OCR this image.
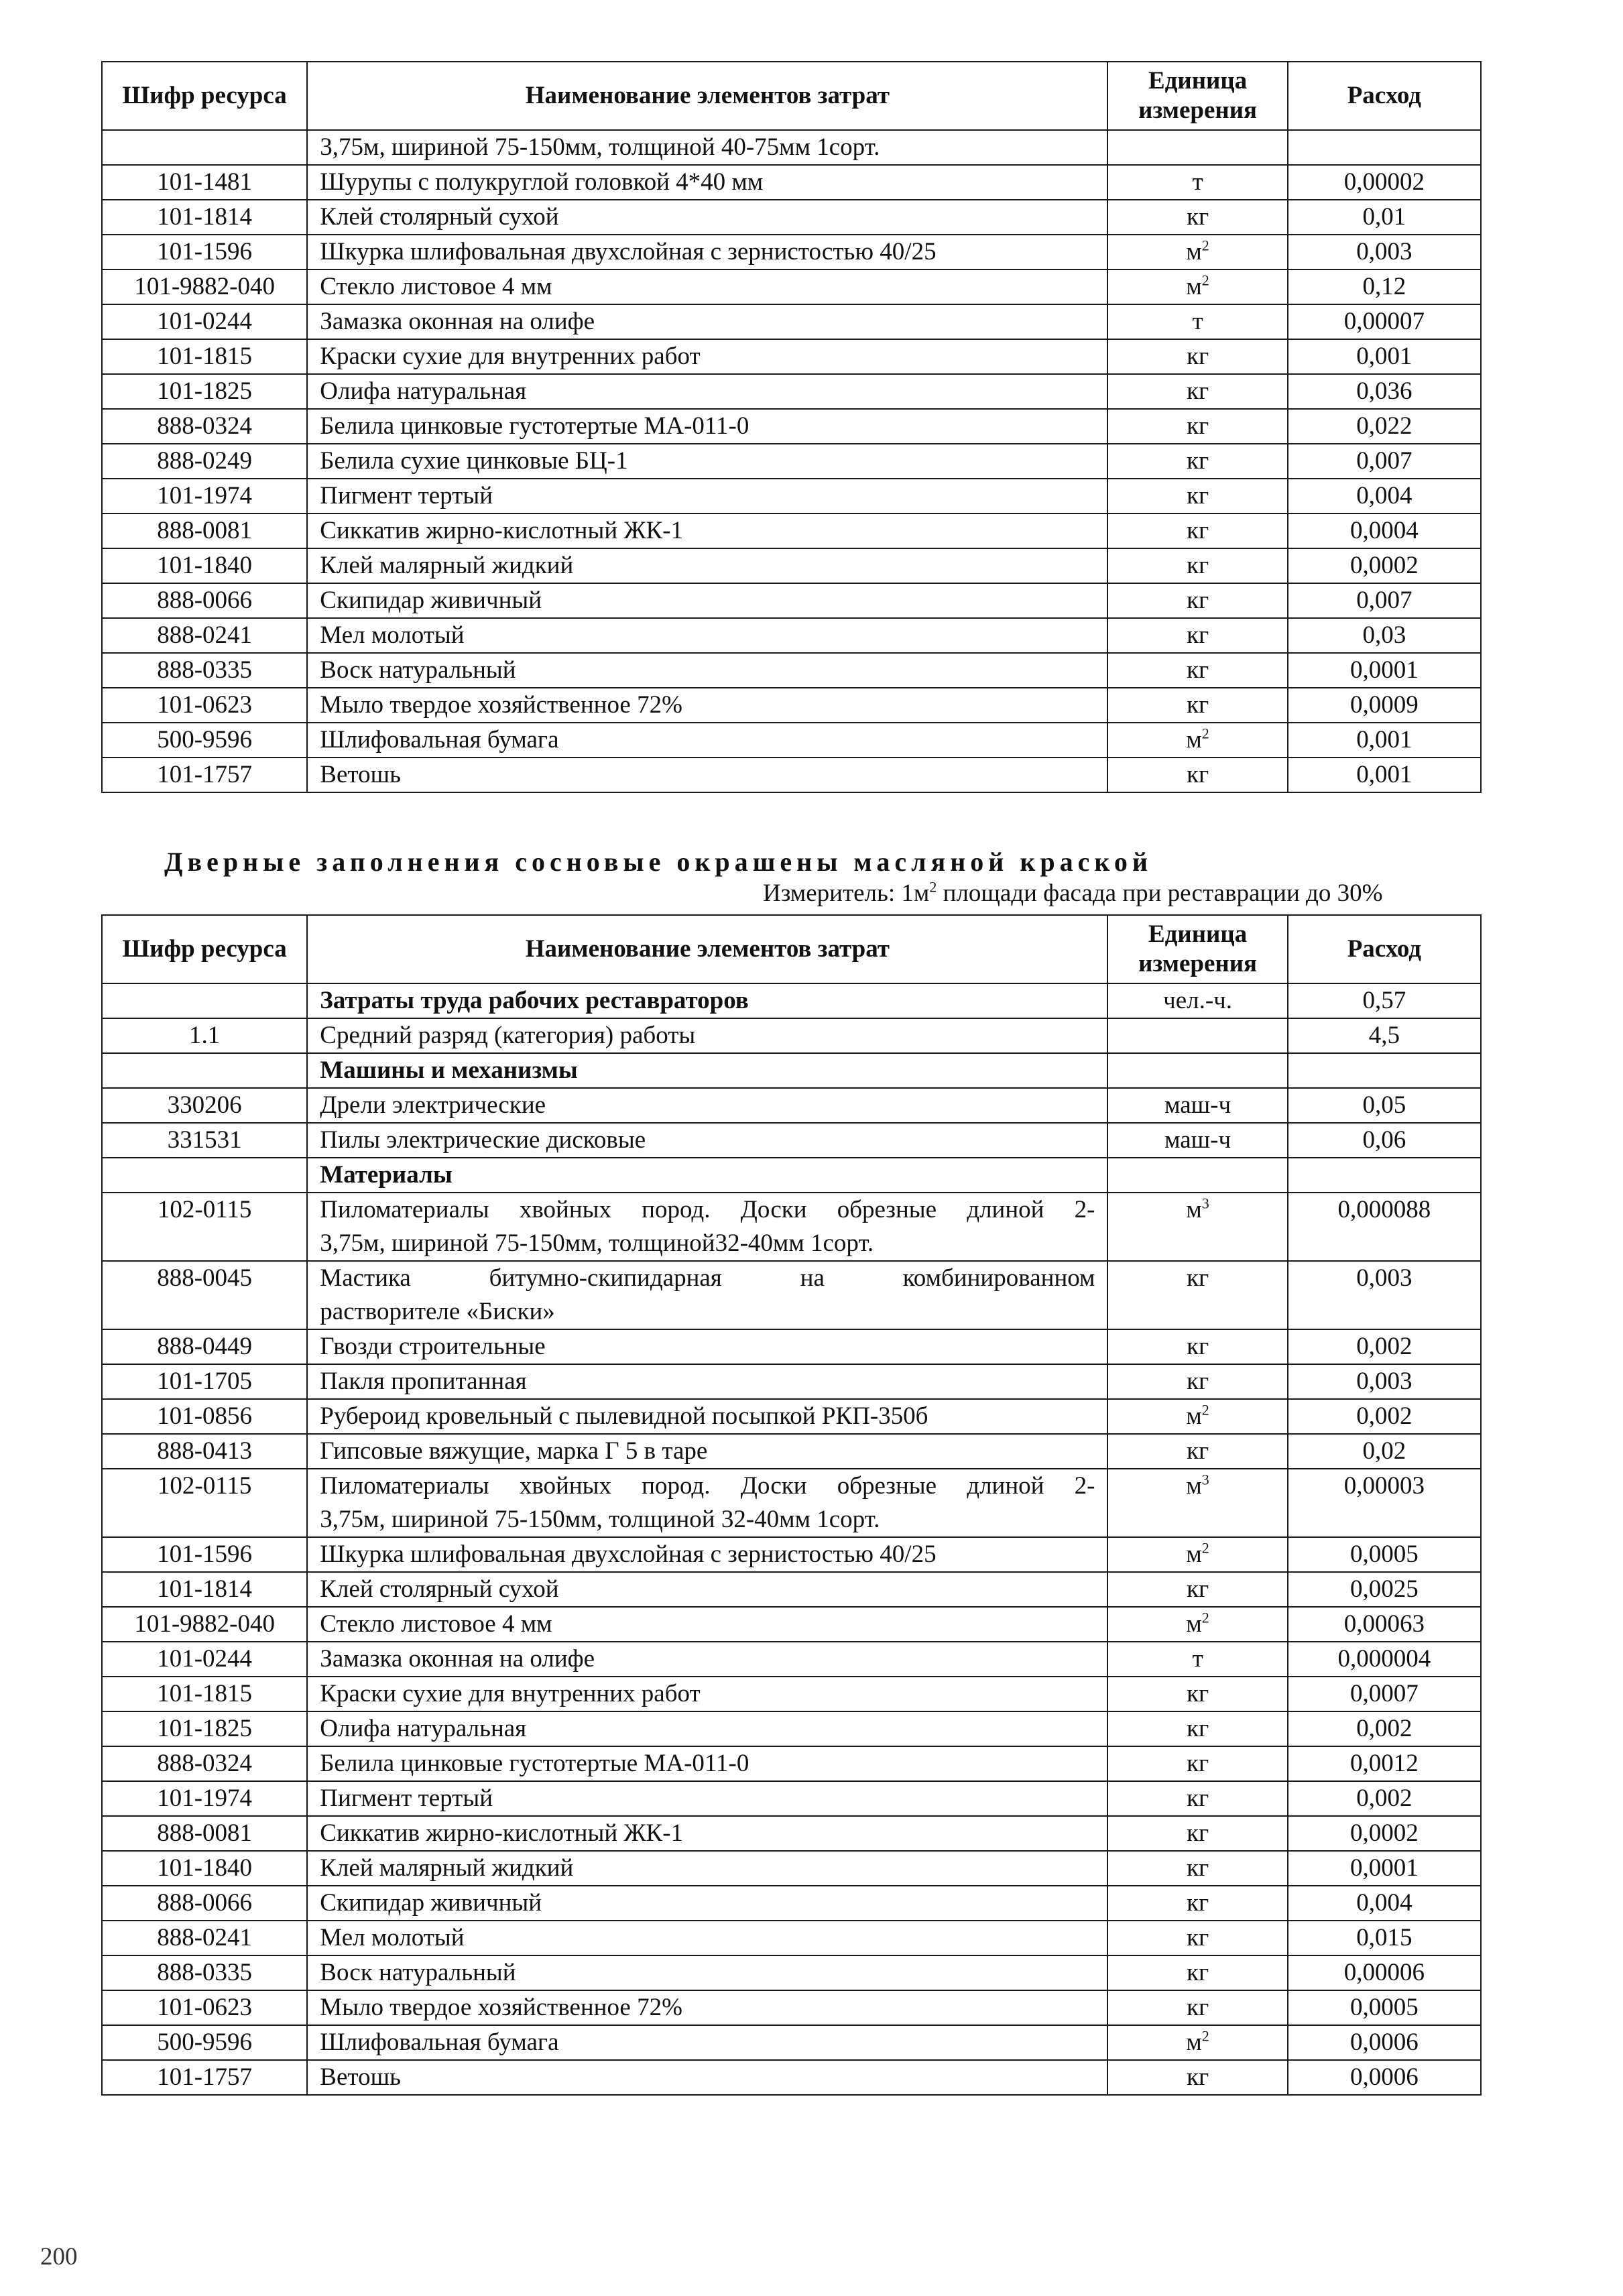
Шифр ресурса	Наименование элементов затрат	Единица измерения	Расход
	3,75м, шириной 75-150мм, толщиной 40-75мм 1сорт.		
101-1481	Шурупы с полукруглой головкой 4*40 мм	т	0,00002
101-1814	Клей столярный сухой	кг	0,01
101-1596	Шкурка шлифовальная двухслойная с зернистостью 40/25	$м^2$	0,003
101-9882-040	Стекло листовое 4 мм	$м^2$	0,12
101-0244	Замазка оконная на олифе	т	0,00007
101-1815	Краски сухие для внутренних работ	кг	0,001
101-1825	Олифа натуральная	кг	0,036
888-0324	Белила цинковые густотертые МА-011-0	кг	0,022
888-0249	Белила сухие цинковые БЦ-1	кг	0,007
101-1974	Пигмент тертый	кг	0,004
888-0081	Сиккатив жирно-кислотный ЖК-1	кг	0,0004
101-1840	Клей малярный жидкий	кг	0,0002
888-0066	Скипидар живичный	кг	0,007
888-0241	Мел молотый	кг	0,03
888-0335	Воск натуральный	кг	0,0001
101-0623	Мыло твердое хозяйственное 72%	кг	0,0009
500-9596	Шлифовальная бумага	$м^2$	0,001
101-1757	Ветошь	кг	0,001
Дверные заполнения сосновые окрашены масляной краской
Измеритель: $1м^2$ площади фасада при реставрации до 30%
Шифр ресурса	Наименование элементов затрат	Единица измерения	Расход
	Затраты труда рабочих реставраторов	чел.-ч.	0,57
1.1	Средний разряд (категория) работы		4,5
	Машины и механизмы		
330206	Дрели электрические	маш-ч	0,05
331531	Пилы электрические дисковые	маш-ч	0,06
	Материалы		
102-0115	Пиломатериалы хвойных пород. Доски обрезные длиной 2-
3,75м, шириной 75-150мм, толщиной32-40мм 1сорт.	$м^3$	0,000088
888-0045	Мастика битумно-скипидарная на комбинированном
растворителе «Биски»	кг	0,003
888-0449	Гвозди строительные	кг	0,002
101-1705	Пакля пропитанная	кг	0,003
101-0856	Рубероид кровельный с пылевидной посыпкой РКП-350б	$м^2$	0,002
888-0413	Гипсовые вяжущие, марка Г 5 в таре	кг	0,02
102-0115	Пиломатериалы хвойных пород. Доски обрезные длиной 2-
3,75м, шириной 75-150мм, толщиной 32-40мм 1сорт.	$м^3$	0,00003
101-1596	Шкурка шлифовальная двухслойная с зернистостью 40/25	$м^2$	0,0005
101-1814	Клей столярный сухой	кг	0,0025
101-9882-040	Стекло листовое 4 мм	$м^2$	0,00063
101-0244	Замазка оконная на олифе	т	0,000004
101-1815	Краски сухие для внутренних работ	кг	0,0007
101-1825	Олифа натуральная	кг	0,002
888-0324	Белила цинковые густотертые МА-011-0	кг	0,0012
101-1974	Пигмент тертый	кг	0,002
888-0081	Сиккатив жирно-кислотный ЖК-1	кг	0,0002
101-1840	Клей малярный жидкий	кг	0,0001
888-0066	Скипидар живичный	кг	0,004
888-0241	Мел молотый	кг	0,015
888-0335	Воск натуральный	кг	0,00006
101-0623	Мыло твердое хозяйственное 72%	кг	0,0005
500-9596	Шлифовальная бумага	$м^2$	0,0006
101-1757	Ветошь	кг	0,0006
200
